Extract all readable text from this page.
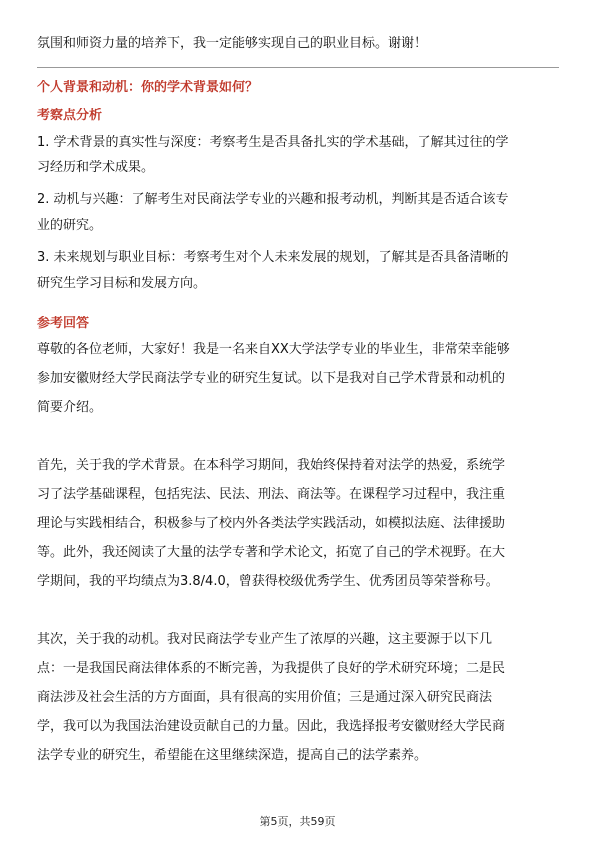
氛围和师资力量的培养下，我一定能够实现自己的职业目标。谢谢！
个人背景和动机：你的学术背景如何？
考察点分析
1. 学术背景的真实性与深度：考察考生是否具备扎实的学术基础，了解其过往的学
习经历和学术成果。
2. 动机与兴趣：了解考生对民商法学专业的兴趣和报考动机，判断其是否适合该专
业的研究。
3. 未来规划与职业目标：考察考生对个人未来发展的规划，了解其是否具备清晰的
研究生学习目标和发展方向。
参考回答
尊敬的各位老师，大家好！我是一名来自XX大学法学专业的毕业生，非常荣幸能够
参加安徽财经大学民商法学专业的研究生复试。以下是我对自己学术背景和动机的
简要介绍。
首先，关于我的学术背景。在本科学习期间，我始终保持着对法学的热爱，系统学
习了法学基础课程，包括宪法、民法、刑法、商法等。在课程学习过程中，我注重
理论与实践相结合，积极参与了校内外各类法学实践活动，如模拟法庭、法律援助
等。此外，我还阅读了大量的法学专著和学术论文，拓宽了自己的学术视野。在大
学期间，我的平均绩点为3.8/4.0，曾获得校级优秀学生、优秀团员等荣誉称号。
其次，关于我的动机。我对民商法学专业产生了浓厚的兴趣，这主要源于以下几
点：一是我国民商法律体系的不断完善，为我提供了良好的学术研究环境；二是民
商法涉及社会生活的方方面面，具有很高的实用价值；三是通过深入研究民商法
学，我可以为我国法治建设贡献自己的力量。因此，我选择报考安徽财经大学民商
法学专业的研究生，希望能在这里继续深造，提高自己的法学素养。
第5页，共59页
